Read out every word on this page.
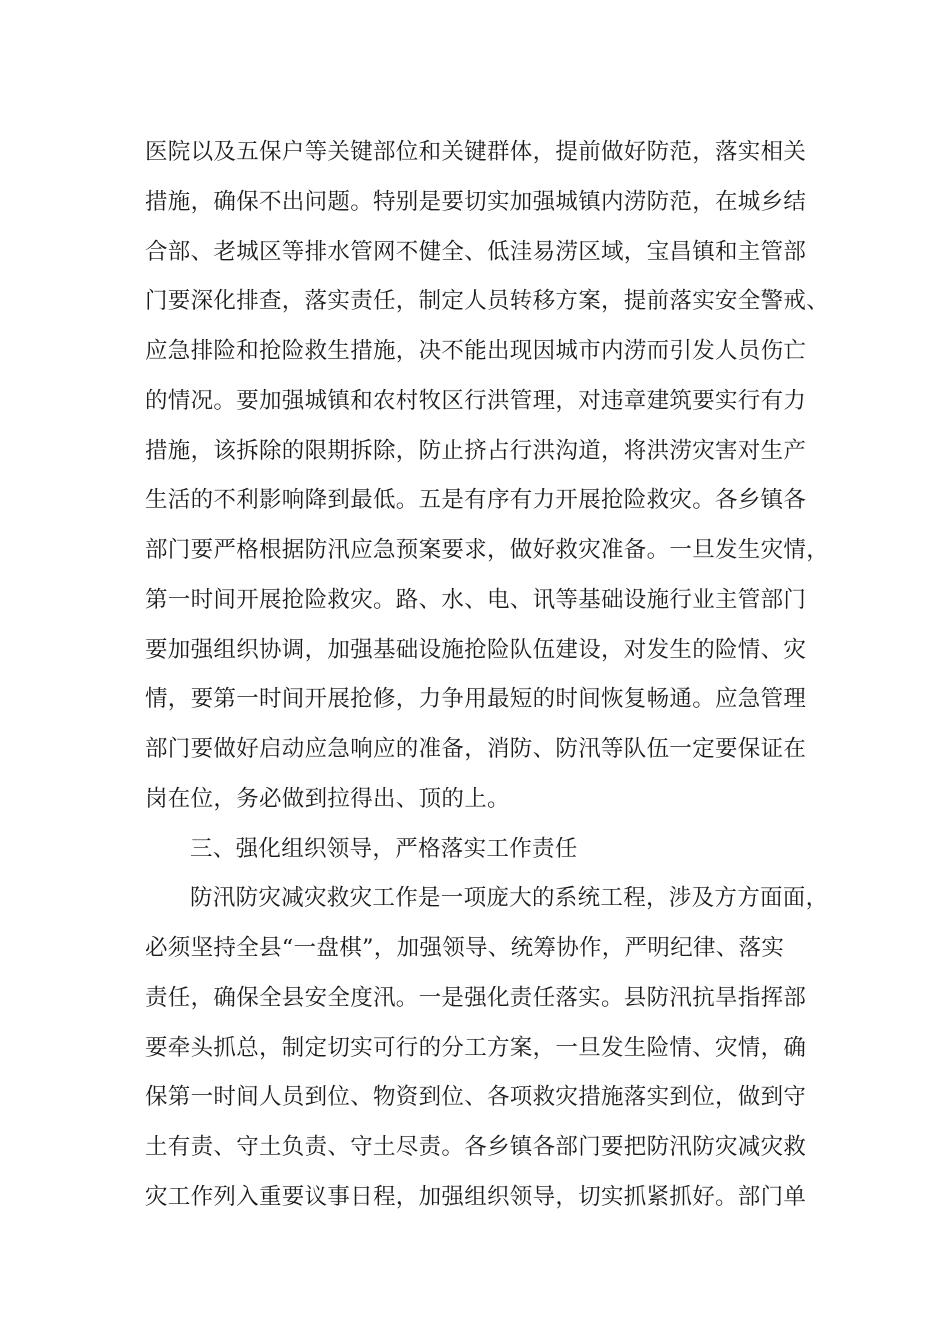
医院以及五保户等关键部位和关键群体，提前做好防范，落实相关
措施，确保不出问题。特别是要切实加强城镇内涝防范，在城乡结
合部、老城区等排水管网不健全、低洼易涝区域，宝昌镇和主管部
门要深化排查，落实责任，制定人员转移方案，提前落实安全警戒、
应急排险和抢险救生措施，决不能出现因城市内涝而引发人员伤亡
的情况。要加强城镇和农村牧区行洪管理，对违章建筑要实行有力
措施，该拆除的限期拆除，防止挤占行洪沟道，将洪涝灾害对生产
生活的不利影响降到最低。五是有序有力开展抢险救灾。各乡镇各
部门要严格根据防汛应急预案要求，做好救灾准备。一旦发生灾情，
第一时间开展抢险救灾。路、水、电、讯等基础设施行业主管部门
要加强组织协调，加强基础设施抢险队伍建设，对发生的险情、灾
情，要第一时间开展抢修，力争用最短的时间恢复畅通。应急管理
部门要做好启动应急响应的准备，消防、防汛等队伍一定要保证在
岗在位，务必做到拉得出、顶的上。
三、强化组织领导，严格落实工作责任
防汛防灾减灾救灾工作是一项庞大的系统工程，涉及方方面面，
必须坚持全县“一盘棋”，加强领导、统筹协作，严明纪律、落实
责任，确保全县安全度汛。一是强化责任落实。县防汛抗旱指挥部
要牵头抓总，制定切实可行的分工方案，一旦发生险情、灾情，确
保第一时间人员到位、物资到位、各项救灾措施落实到位，做到守
土有责、守土负责、守土尽责。各乡镇各部门要把防汛防灾减灾救
灾工作列入重要议事日程，加强组织领导，切实抓紧抓好。部门单
